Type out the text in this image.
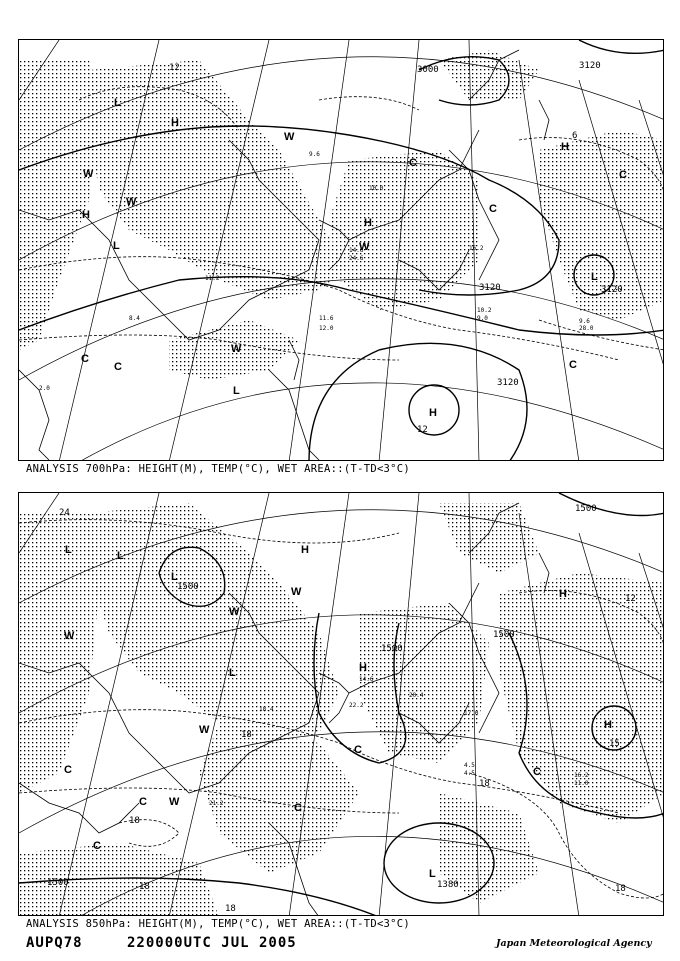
H
H
H
H
L
L
L
L
H
W
W
W
W
W
C
C
C
C
C
C
3000	3120
3120	3120
3120
12
12
6
9.6
10.0
11.2
14.6
24.6
16.2
9.0	9.6
28.0
11.6
12.0
8.4
2.0
10.2
ANALYSIS 700hPa: HEIGHT(M), TEMP(°C), WET AREA::(T-TD<3°C)
H
H
H
H
L
L
L
L
L
W
W
W
W
W
C
C
C
C
C
C
1500
1500
1500
1500
1500
12
18
18
18
18
24
18
1380
15
18
16.2
11.0
17.0
14.6
22.2
20.4
21.2
4.5
4.5
18.4
ANALYSIS 850hPa: HEIGHT(M), TEMP(°C), WET AREA::(T-TD<3°C)
AUPQ78	220000UTC JUL 2005	Japan Meteorological Agency
